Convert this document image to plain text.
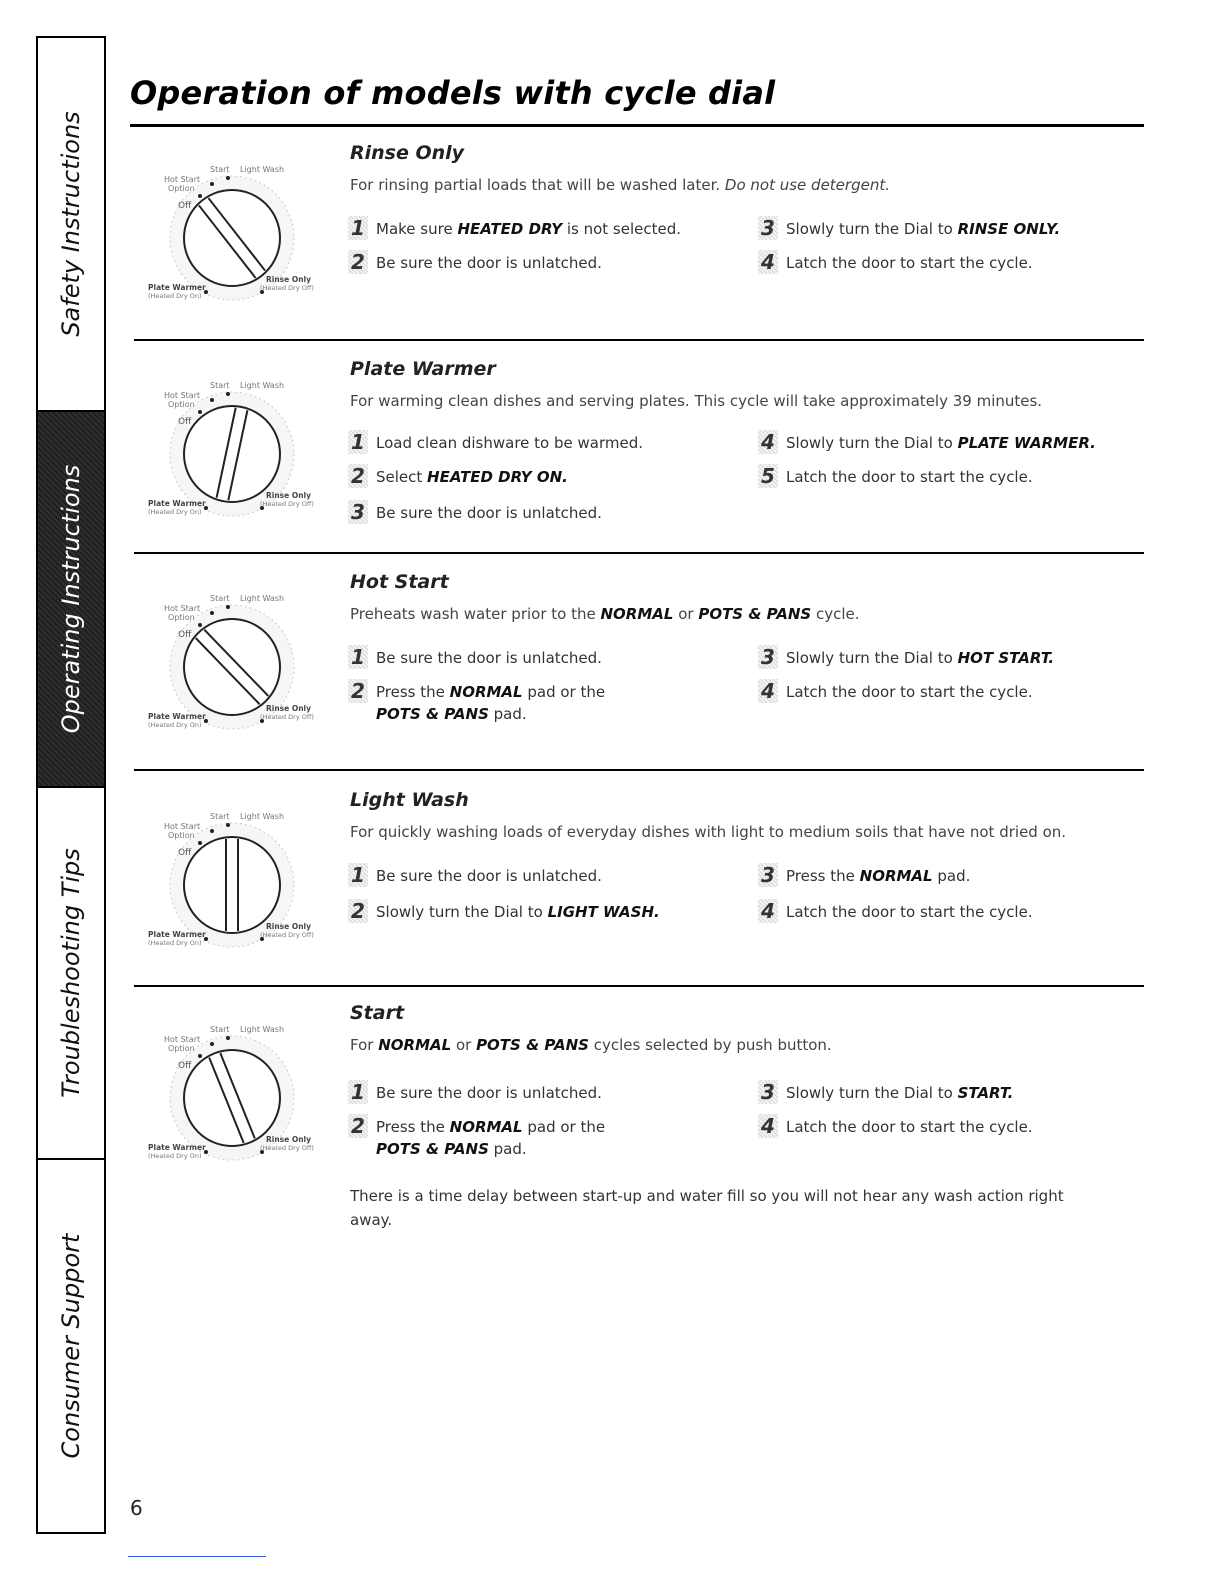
Safety Instructions
Operating Instructions
Troubleshooting Tips
Consumer Support
Operation of models with cycle dial
Start Light Wash
Hot Start
Option
Off
Plate Warmer
(Heated Dry On)
Rinse Only
(Heated Dry Off)
Rinse Only

For rinsing partial loads that will be washed later. Do not use detergent.

1 Make sure HEATED DRY is not selected.
2 Be sure the door is unlatched.
3 Slowly turn the Dial to RINSE ONLY.
4 Latch the door to start the cycle.
Start Light Wash
Hot Start
Option
Off
Plate Warmer
(Heated Dry On)
Rinse Only
(Heated Dry Off)
Plate Warmer

For warming clean dishes and serving plates. This cycle will take approximately 39 minutes.

1 Load clean dishware to be warmed.
2 Select HEATED DRY ON.
3 Be sure the door is unlatched.
4 Slowly turn the Dial to PLATE WARMER.
5 Latch the door to start the cycle.
Start Light Wash
Hot Start
Option
Off
Plate Warmer
(Heated Dry On)
Rinse Only
(Heated Dry Off)
Hot Start

Preheats wash water prior to the NORMAL or POTS & PANS cycle.

1 Be sure the door is unlatched.
2 Press the NORMAL pad or the
POTS & PANS pad.
3 Slowly turn the Dial to HOT START.
4 Latch the door to start the cycle.
Start Light Wash
Hot Start
Option
Off
Plate Warmer
(Heated Dry On)
Rinse Only
(Heated Dry Off)
Light Wash

For quickly washing loads of everyday dishes with light to medium soils that have not dried on.

1 Be sure the door is unlatched.
2 Slowly turn the Dial to LIGHT WASH.
3 Press the NORMAL pad.
4 Latch the door to start the cycle.
Start Light Wash
Hot Start
Option
Off
Plate Warmer
(Heated Dry On)
Rinse Only
(Heated Dry Off)
Start

For NORMAL or POTS & PANS cycles selected by push button.

1 Be sure the door is unlatched.
2 Press the NORMAL pad or the
POTS & PANS pad.
3 Slowly turn the Dial to START.
4 Latch the door to start the cycle.

There is a time delay between start-up and water fill so you will not hear any wash action right away.

6
